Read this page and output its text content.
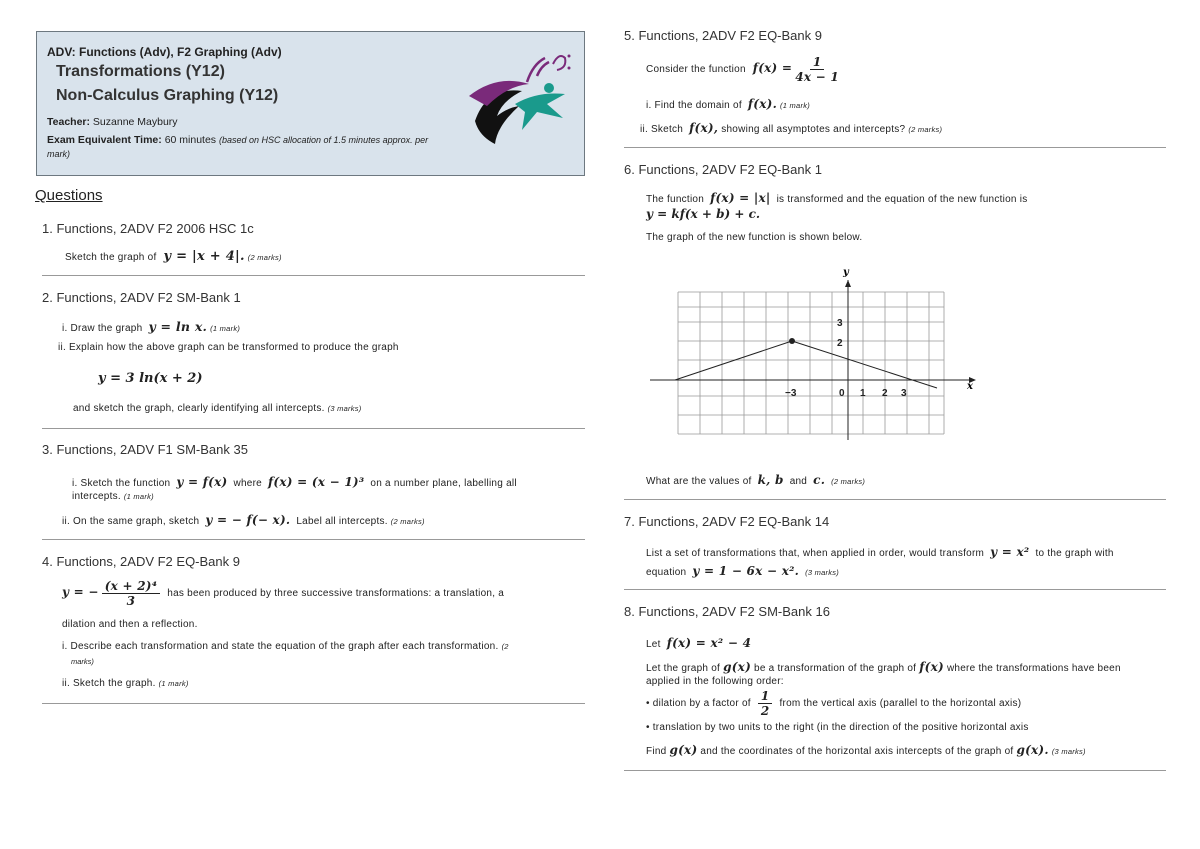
ADV: Functions (Adv), F2 Graphing (Adv)
Transformations (Y12)
Non-Calculus Graphing (Y12)
Teacher: Suzanne Maybury
Exam Equivalent Time: 60 minutes (based on HSC allocation of 1.5 minutes approx. per
mark)
Questions
1. Functions, 2ADV F2 2006 HSC 1c
Sketch the graph of y = |x + 4|. (2 marks)
2. Functions, 2ADV F2 SM-Bank 1
i. Draw the graph y = ln x. (1 mark)
ii. Explain how the above graph can be transformed to produce the graph
y = 3 ln(x + 2)
and sketch the graph, clearly identifying all intercepts. (3 marks)
3. Functions, 2ADV F1 SM-Bank 35
i. Sketch the function y = f(x) where f(x) = (x − 1)³ on a number plane, labelling all
intercepts. (1 mark)
ii. On the same graph, sketch y = − f(− x). Label all intercepts. (2 marks)
4. Functions, 2ADV F2 EQ-Bank 9
y = − $\frac{\text{(x + 2)⁴}}{3}$ has been produced by three successive transformations: a translation, a
dilation and then a reflection.
i. Describe each transformation and state the equation of the graph after each transformation. (2
marks)
ii. Sketch the graph. (1 mark)
5. Functions, 2ADV F2 EQ-Bank 9
Consider the function $f(x) = \frac{1}{4x - 1}$
i. Find the domain of f(x). (1 mark)
ii. Sketch f(x), showing all asymptotes and intercepts? (2 marks)
6. Functions, 2ADV F2 EQ-Bank 1
The function f(x) = |x| is transformed and the equation of the new function is
y = kf(x + b) + c.
The graph of the new function is shown below.
y
x
−3	0 1 2 3
3
2
What are the values of k, b and c. (2 marks)
7. Functions, 2ADV F2 EQ-Bank 14
List a set of transformations that, when applied in order, would transform y = x² to the graph with
equation y = 1 − 6x − x². (3 marks)
8. Functions, 2ADV F2 SM-Bank 16
Let f(x) = x² − 4
Let the graph of g(x) be a transformation of the graph of f(x) where the transformations have been
applied in the following order:
• dilation by a factor of $\frac{1}{2}$ from the vertical axis (parallel to the horizontal axis)
• translation by two units to the right (in the direction of the positive horizontal axis
Find g(x) and the coordinates of the horizontal axis intercepts of the graph of g(x). (3 marks)
